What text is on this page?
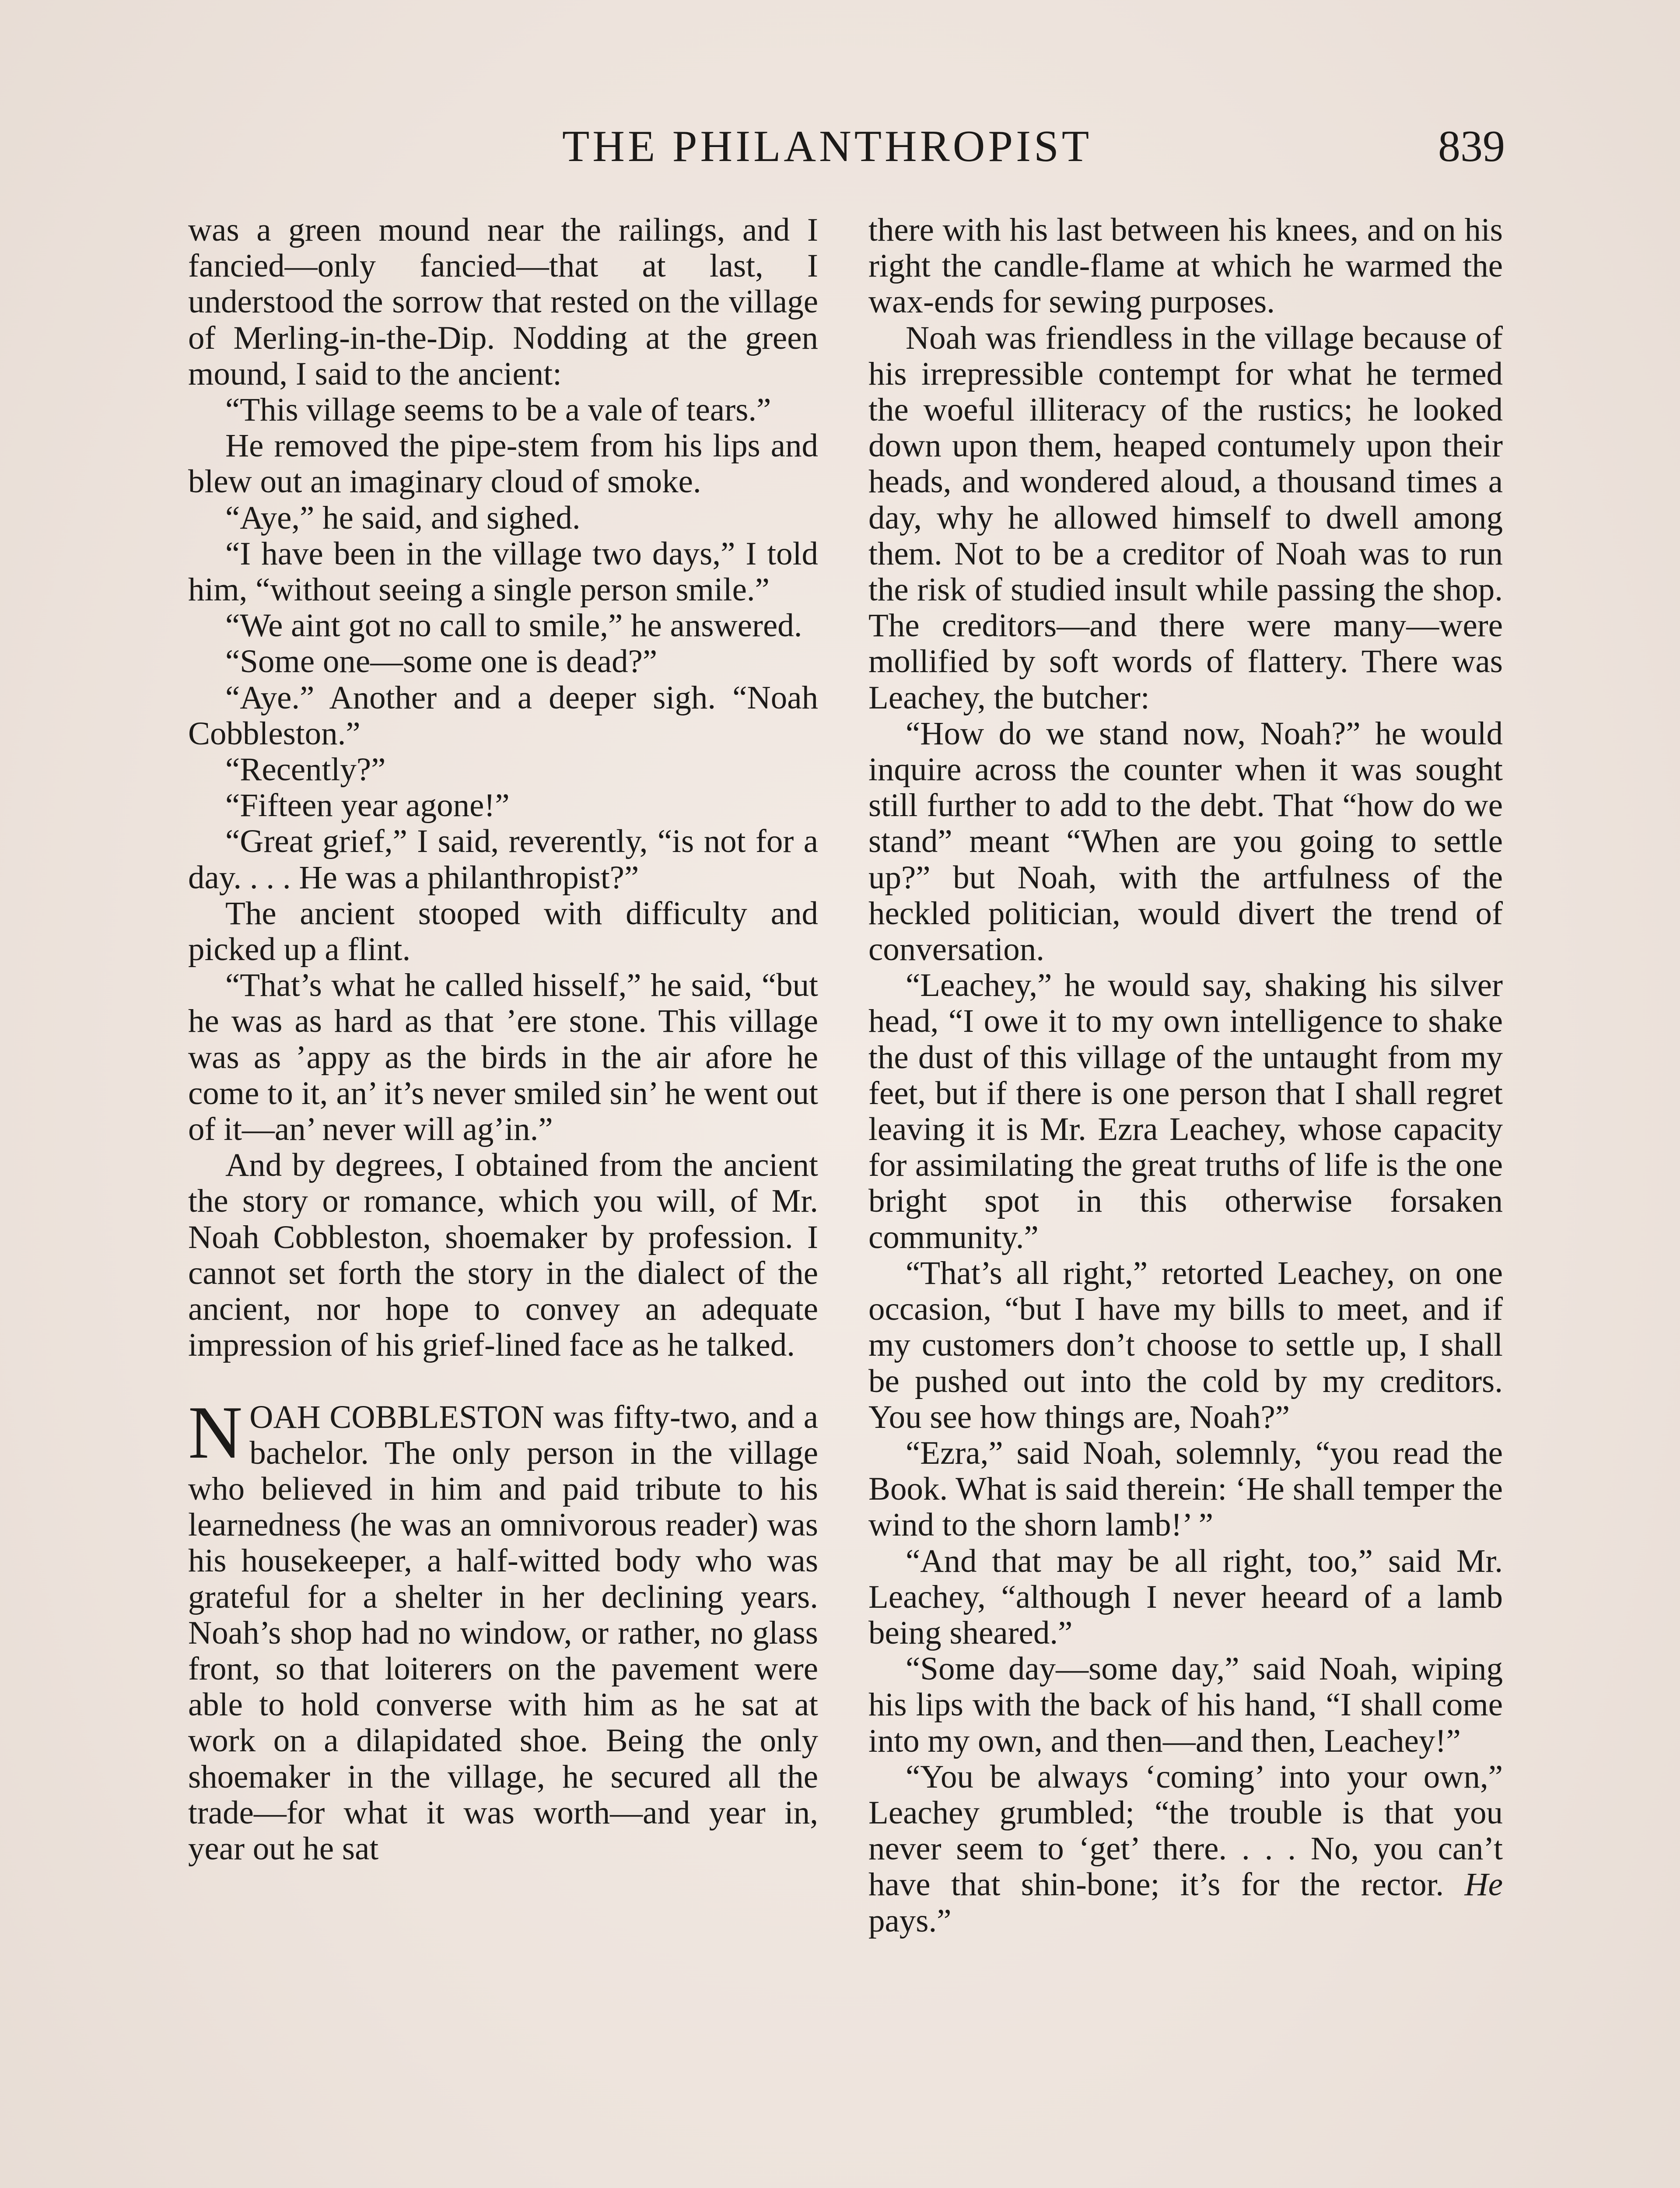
THE PHILANTHROPIST	839

was a green mound near the railings, and I fancied—only fancied—that at last, I understood the sorrow that rested on the village of Merling-in-the-Dip. Nodding at the green mound, I said to the ancient:

“This village seems to be a vale of tears.”

He removed the pipe-stem from his lips and blew out an imaginary cloud of smoke.

“Aye,” he said, and sighed.

“I have been in the village two days,” I told him, “without seeing a single person smile.”

“We aint got no call to smile,” he answered.

“Some one—some one is dead?”

“Aye.” Another and a deeper sigh. “Noah Cobbleston.”

“Recently?”

“Fifteen year agone!”

“Great grief,” I said, reverently, “is not for a day. . . . He was a philanthropist?”

The ancient stooped with difficulty and picked up a flint.

“That’s what he called hisself,” he said, “but he was as hard as that ’ere stone. This village was as ’appy as the birds in the air afore he come to it, an’ it’s never smiled sin’ he went out of it—an’ never will ag’in.”

And by degrees, I obtained from the ancient the story or romance, which you will, of Mr. Noah Cobbleston, shoemaker by profession. I cannot set forth the story in the dialect of the ancient, nor hope to convey an adequate impression of his grief-lined face as he talked.

NOAH COBBLESTON was fifty-two, and a bachelor. The only person in the village who believed in him and paid tribute to his learnedness (he was an omnivorous reader) was his housekeeper, a half-witted body who was grateful for a shelter in her declining years. Noah’s shop had no window, or rather, no glass front, so that loiterers on the pavement were able to hold converse with him as he sat at work on a dilapidated shoe. Being the only shoemaker in the village, he secured all the trade—for what it was worth—and year in, year out he sat

there with his last between his knees, and on his right the candle-flame at which he warmed the wax-ends for sewing purposes.

Noah was friendless in the village because of his irrepressible contempt for what he termed the woeful illiteracy of the rustics; he looked down upon them, heaped contumely upon their heads, and wondered aloud, a thousand times a day, why he allowed himself to dwell among them. Not to be a creditor of Noah was to run the risk of studied insult while passing the shop. The creditors—and there were many—were mollified by soft words of flattery. There was Leachey, the butcher:

“How do we stand now, Noah?” he would inquire across the counter when it was sought still further to add to the debt. That “how do we stand” meant “When are you going to settle up?” but Noah, with the artfulness of the heckled politician, would divert the trend of conversation.

“Leachey,” he would say, shaking his silver head, “I owe it to my own intelligence to shake the dust of this village of the untaught from my feet, but if there is one person that I shall regret leaving it is Mr. Ezra Leachey, whose capacity for assimilating the great truths of life is the one bright spot in this otherwise forsaken community.”

“That’s all right,” retorted Leachey, on one occasion, “but I have my bills to meet, and if my customers don’t choose to settle up, I shall be pushed out into the cold by my creditors. You see how things are, Noah?”

“Ezra,” said Noah, solemnly, “you read the Book. What is said therein: ‘He shall temper the wind to the shorn lamb!’ ”

“And that may be all right, too,” said Mr. Leachey, “although I never heeard of a lamb being sheared.”

“Some day—some day,” said Noah, wiping his lips with the back of his hand, “I shall come into my own, and then—and then, Leachey!”

“You be always ‘coming’ into your own,” Leachey grumbled; “the trouble is that you never seem to ‘get’ there. . . . No, you can’t have that shin-bone; it’s for the rector. He pays.”
